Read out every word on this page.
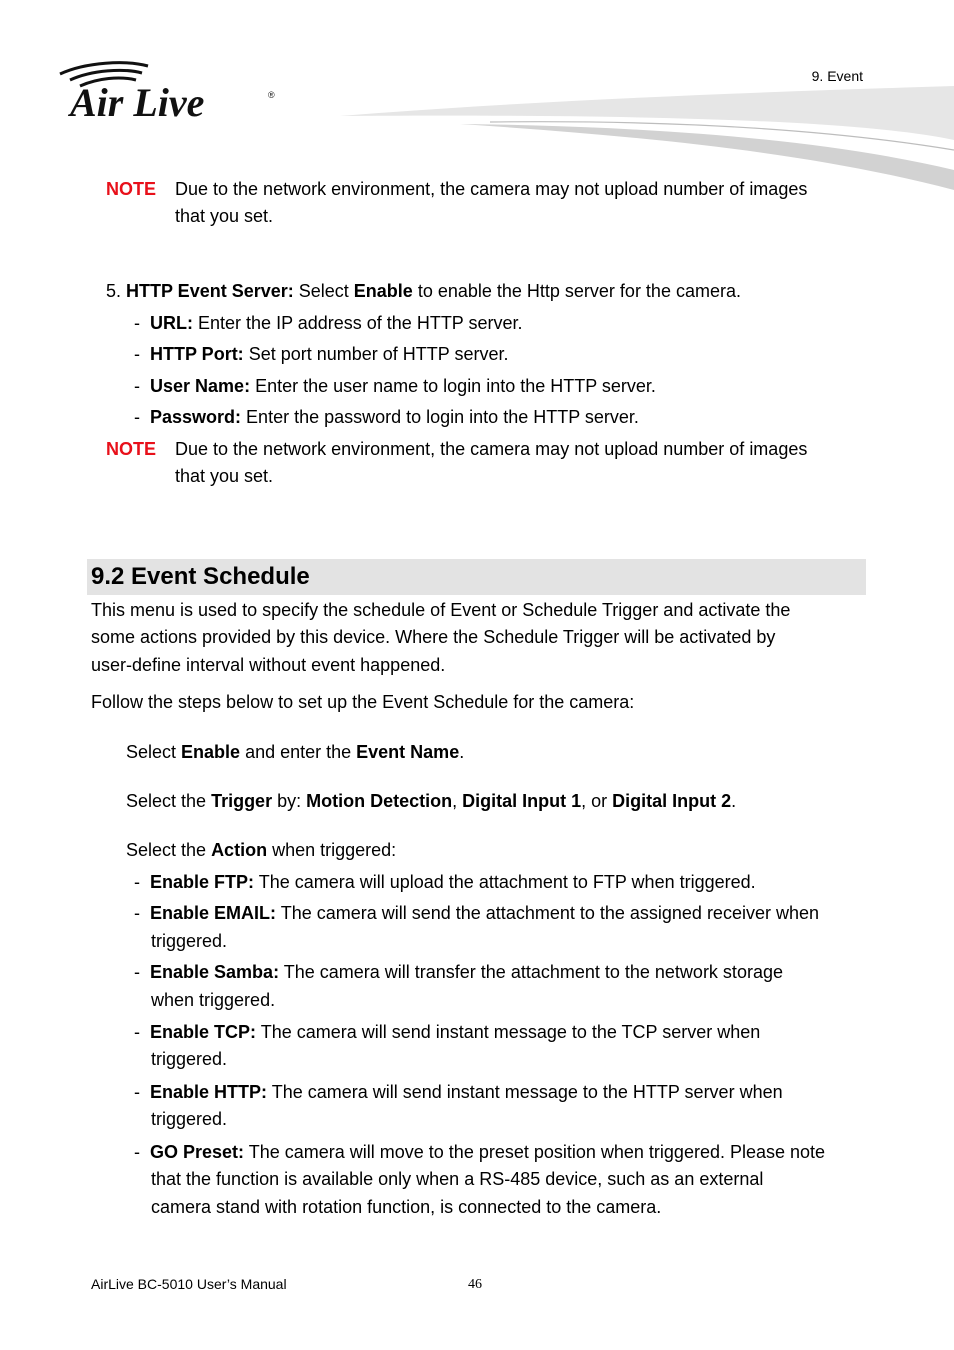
Air Live	®
9. Event
NOTE Due to the network environment, the camera may not upload number of images
that you set.
5. HTTP Event Server: Select Enable to enable the Http server for the camera.
- URL: Enter the IP address of the HTTP server.
- HTTP Port: Set port number of HTTP server.
- User Name: Enter the user name to login into the HTTP server.
- Password: Enter the password to login into the HTTP server.
NOTE Due to the network environment, the camera may not upload number of images
that you set.
9.2 Event Schedule
This menu is used to specify the schedule of Event or Schedule Trigger and activate the
some actions provided by this device. Where the Schedule Trigger will be activated by
user-define interval without event happened.
Follow the steps below to set up the Event Schedule for the camera:
Select Enable and enter the Event Name.
Select the Trigger by: Motion Detection, Digital Input 1, or Digital Input 2.
Select the Action when triggered:
- Enable FTP: The camera will upload the attachment to FTP when triggered.
- Enable EMAIL: The camera will send the attachment to the assigned receiver when
triggered.
- Enable Samba: The camera will transfer the attachment to the network storage
when triggered.
- Enable TCP: The camera will send instant message to the TCP server when
triggered.
- Enable HTTP: The camera will send instant message to the HTTP server when
triggered.
- GO Preset: The camera will move to the preset position when triggered. Please note
that the function is available only when a RS-485 device, such as an external
camera stand with rotation function, is connected to the camera.
AirLive BC-5010 User’s Manual	46
